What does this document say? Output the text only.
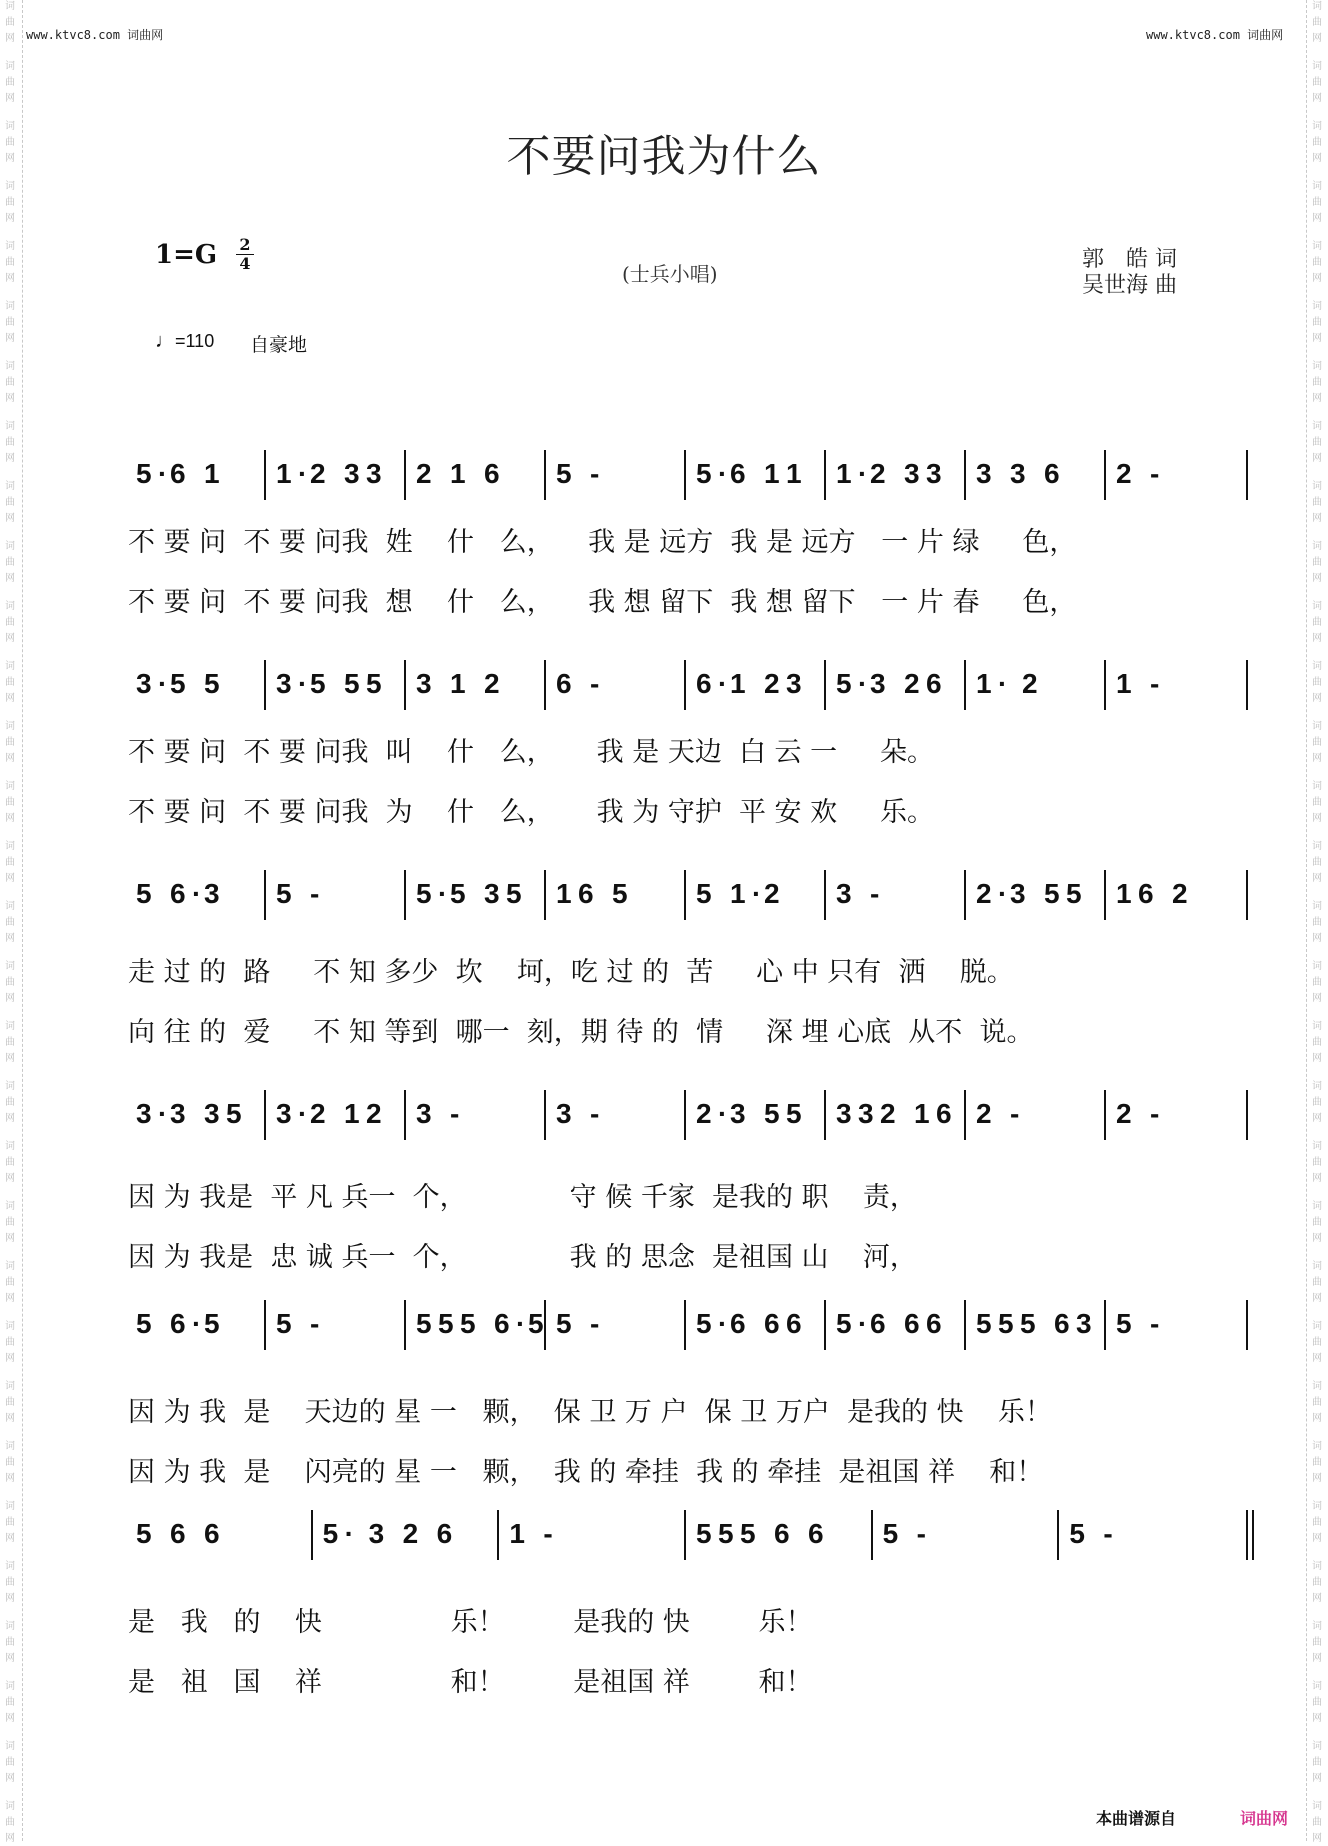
词
曲
网
词
曲
网
词
曲
网
词
曲
网
词
曲
网
词
曲
网
词
曲
网
词
曲
网
词
曲
网
词
曲
网
词
曲
网
词
曲
网
词
曲
网
词
曲
网
词
曲
网
词
曲
网
词
曲
网
词
曲
网
词
曲
网
词
曲
网
词
曲
网
词
曲
网
词
曲
网
词
曲
网
词
曲
网
词
曲
网
词
曲
网
词
曲
网
词
曲
网
词
曲
网
词
曲
网
词
曲
网
词
曲
网
词
曲
网
词
曲
网
词
曲
网
词
曲
网
词
曲
网
词
曲
网
词
曲
网
词
曲
网
词
曲
网
词
曲
网
词
曲
网
词
曲
网
词
曲
网
词
曲
网
词
曲
网
词
曲
网
词
曲
网
词
曲
网
词
曲
网
词
曲
网
词
曲
网
词
曲
网
词
曲
网
词
曲
网
词
曲
网
词
曲
网
词
曲
网
词
曲
网
词
曲
网
www.ktvc8.com 词曲网	www.ktvc8.com 词曲网
不要问我为什么
1=G 2
4	(士兵小唱)
郭　皓 词
吴世海 曲
♩=110 自豪地
5 · 6 1 1 · 2 3 3 2 1 6 5 -	5 · 6 1 1 1 · 2 3 3 3 3 6 2 -
不 要 问  不 要 问我  姓    什   么，    我 是 远方  我 是 远方   一 片 绿     色，
不 要 问  不 要 问我  想    什   么，    我 想 留下  我 想 留下   一 片 春     色，
3 · 5 5 3 · 5 5 5 3 1 2 6 -	6 · 1 2 3 5 · 3 2 6 1 · 2	1 -
不 要 问  不 要 问我  叫    什   么，     我 是 天边  白 云 一     朵。
不 要 问  不 要 问我  为    什   么，     我 为 守护  平 安 欢     乐。
5 6 · 3 5 -	5 · 5 3 5 1 6 5 5 1 · 2 3 -	2 · 3 5 5 1 6 2
走 过 的  路     不 知 多少  坎    坷，吃 过 的  苦     心 中 只有  洒    脱。
向 往 的  爱     不 知 等到  哪一  刻，期 待 的  情     深 埋 心底  从不  说。
3 · 3 3 5 3 · 2 1 2 3 -	3 -	2 · 3 5 5 3 3 2 1 6 2 -	2 -
因 为 我是  平 凡 兵一  个，            守 候 千家  是我的 职    责，
因 为 我是  忠 诚 兵一  个，            我 的 思念  是祖国 山    河，
5 6 · 5 5 -	5 5 5 6 · 5 5 -	5 · 6 6 6 5 · 6 6 6 5 5 5 6 3 5 -
因 为 我  是    天边的 星 一   颗，  保 卫 万 户  保 卫 万户  是我的 快    乐！
因 为 我  是    闪亮的 星 一   颗，  我 的 牵挂  我 的 牵挂  是祖国 祥    和！
5 6 6	5 · 3 2 6 1 -	5 5 5 6 6 5 -	5 -
是   我   的    快               乐！        是我的 快        乐！
是   祖   国    祥               和！        是祖国 祥        和！
本曲谱源自	词曲网
